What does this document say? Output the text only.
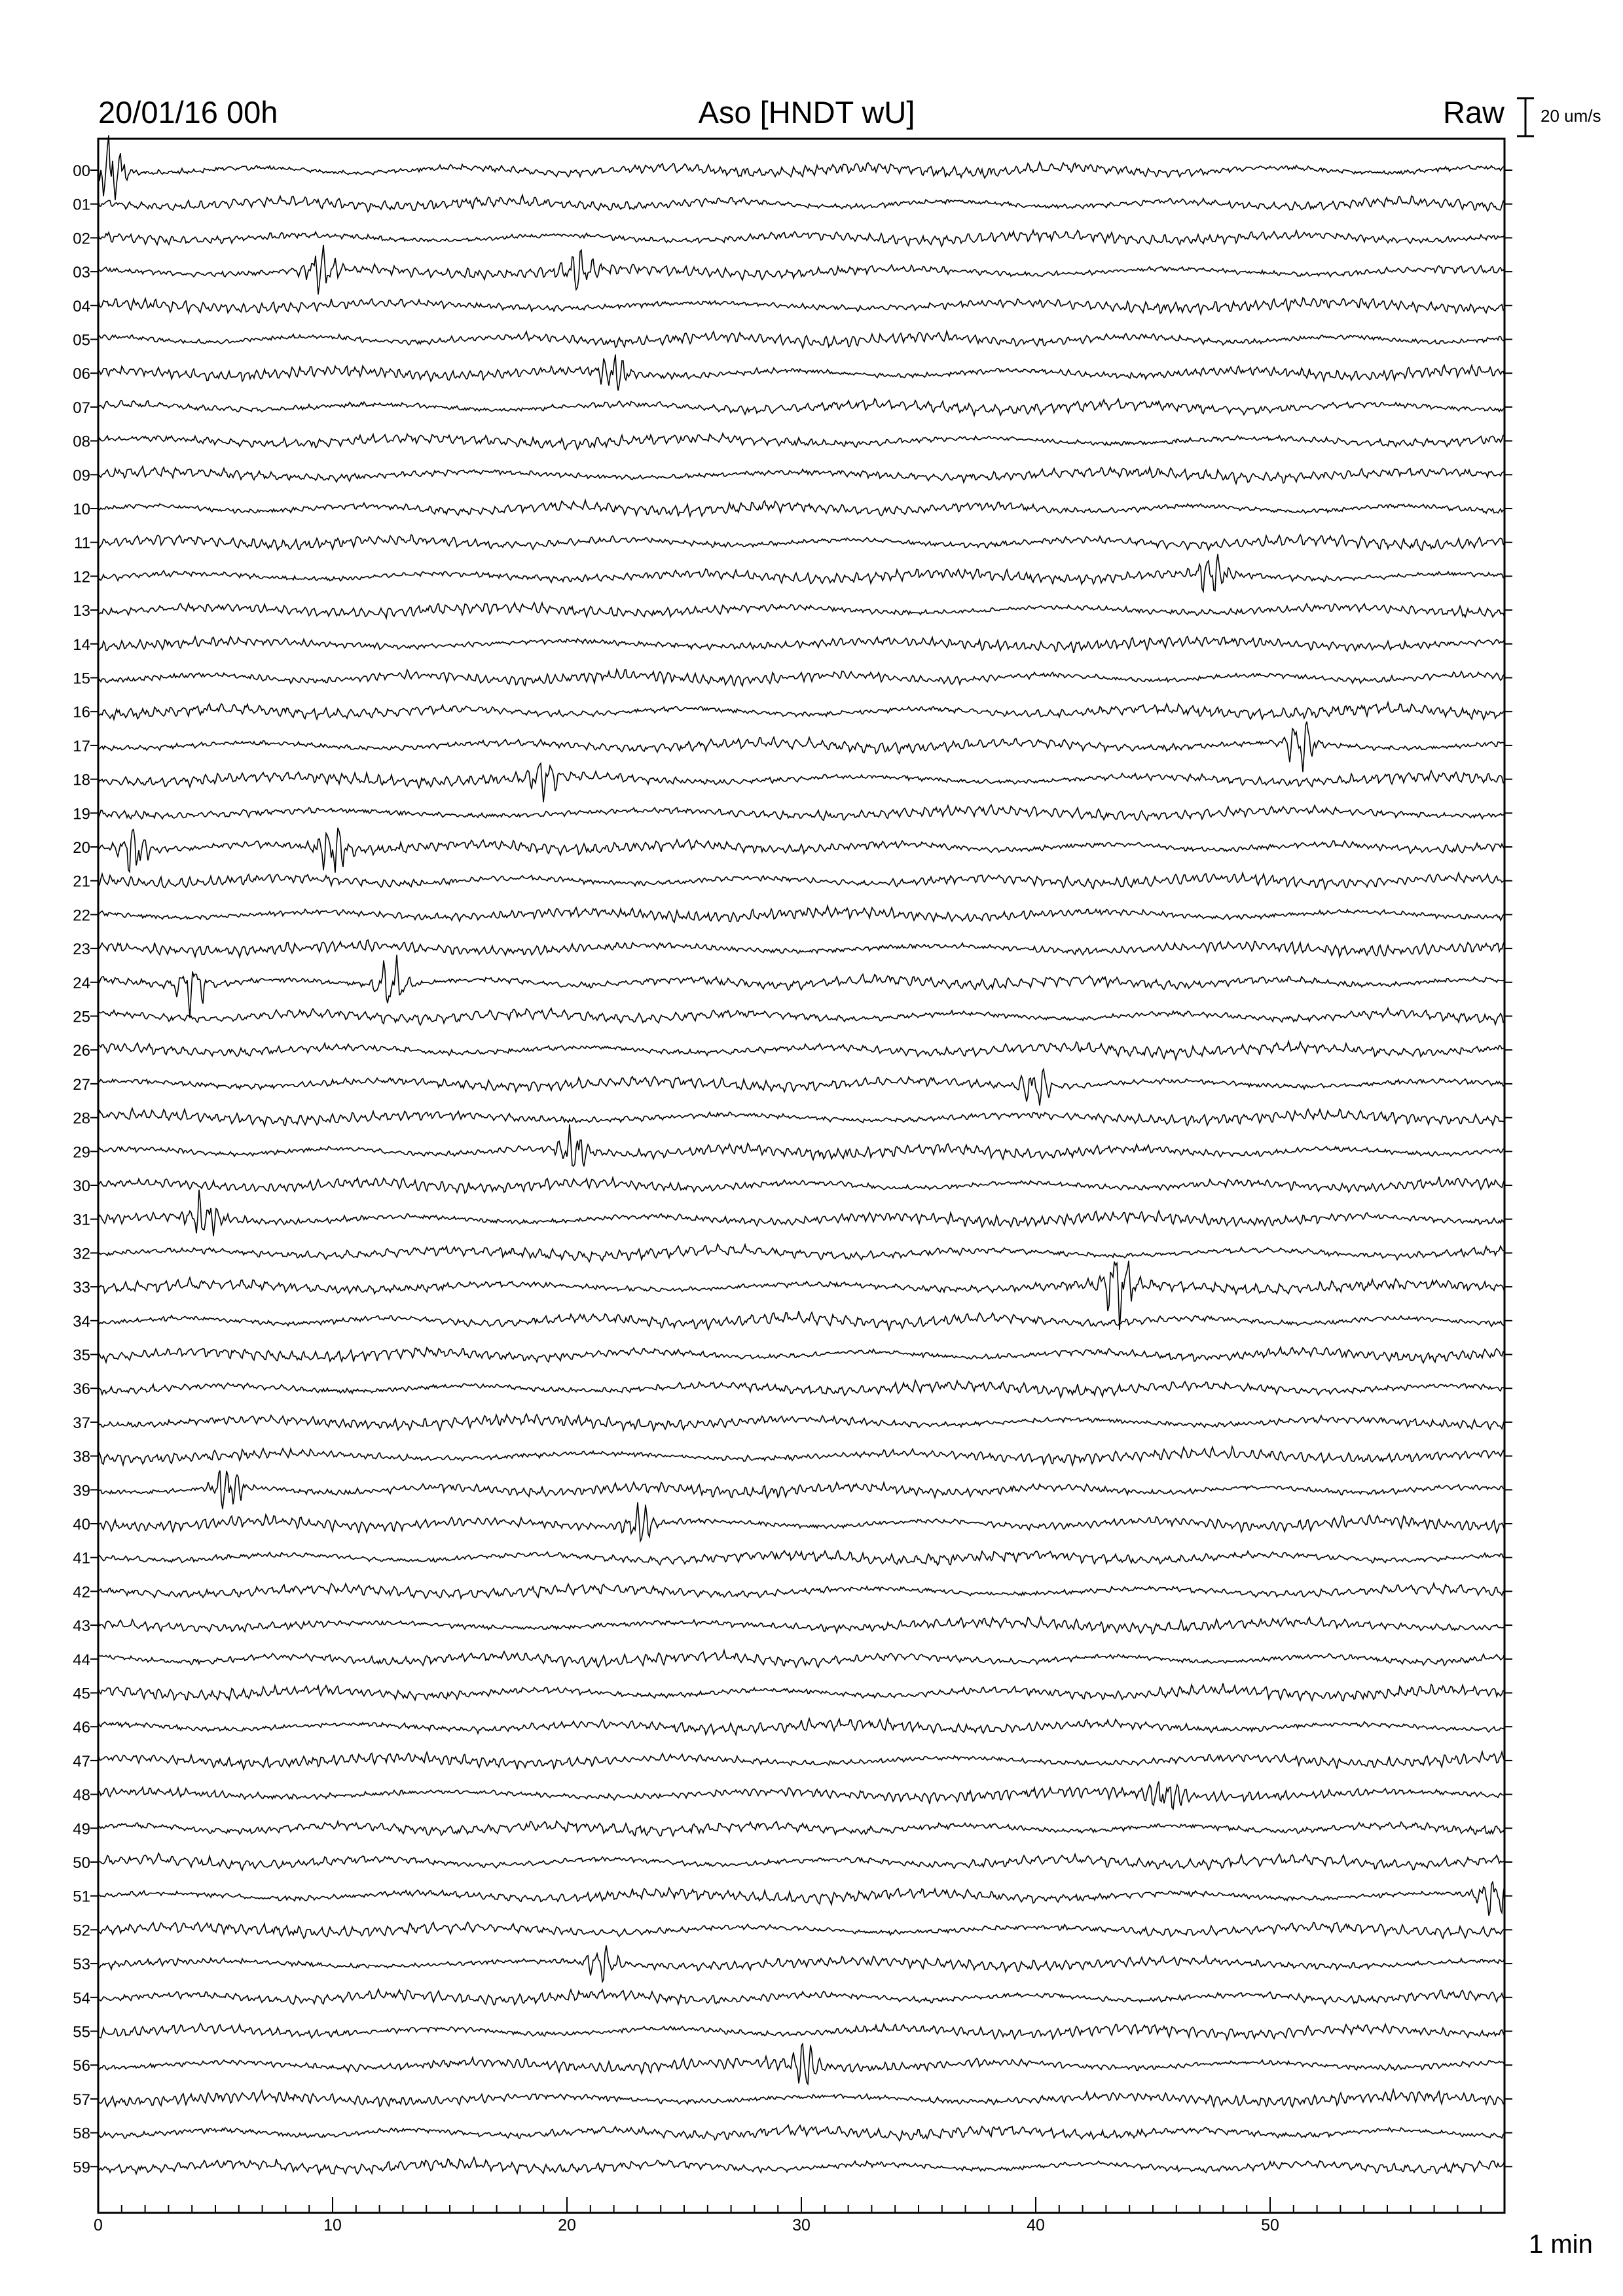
20/01/16 00h	Aso [HNDT wU]	Raw 20 um/s
00
01
02
03
04
05
06
07
08
09
10
11
12
13
14
15
16
17
18
19
20
21
22
23
24
25
26
27
28
29
30
31
32
33
34
35
36
37
38
39
40
41
42
43
44
45
46
47
48
49
50
51
52
53
54
55
56
57
58
59
0	10	20	30	40	50
1 min
